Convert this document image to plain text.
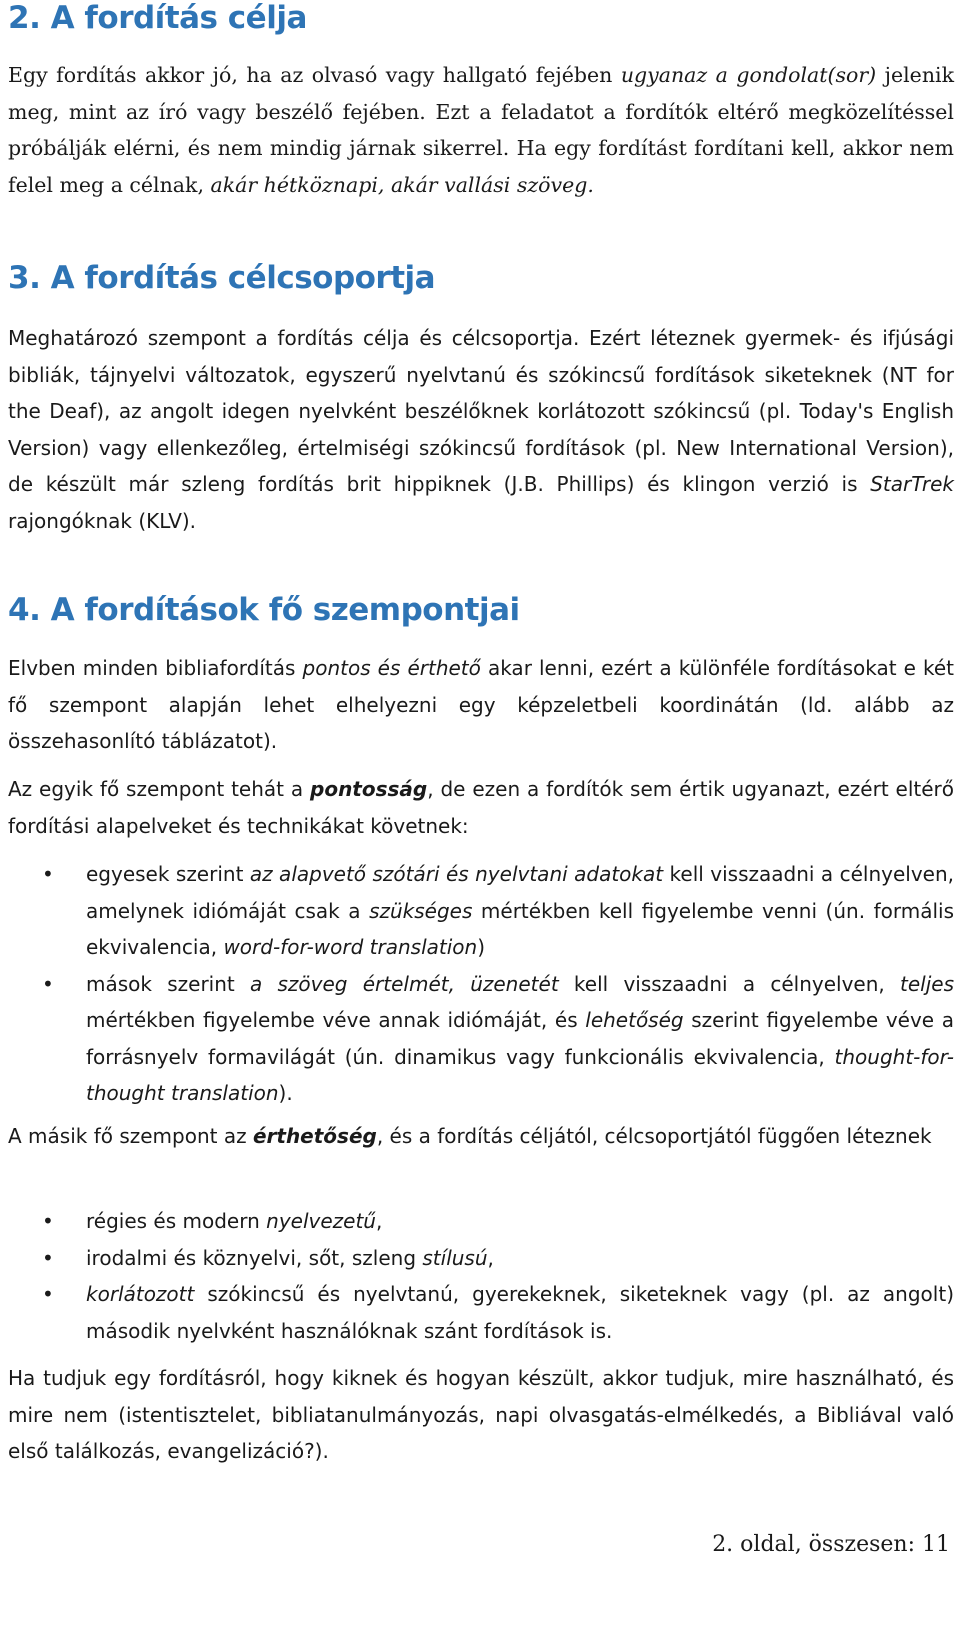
2. A fordítás célja

Egy fordítás akkor jó, ha az olvasó vagy hallgató fejében ugyanaz a gondolat(sor) jelenik meg, mint az író vagy beszélő fejében. Ezt a feladatot a fordítók eltérő megközelítéssel próbálják elérni, és nem mindig járnak sikerrel. Ha egy fordítást fordítani kell, akkor nem felel meg a célnak, akár hétköznapi, akár vallási szöveg.

3. A fordítás célcsoportja

Meghatározó szempont a fordítás célja és célcsoportja. Ezért léteznek gyermek- és ifjúsági bibliák, tájnyelvi változatok, egyszerű nyelvtanú és szókincsű fordítások siketeknek (NT for the Deaf), az angolt idegen nyelvként beszélőknek korlátozott szókincsű (pl. Today's English Version) vagy ellenkezőleg, értelmiségi szókincsű fordítások (pl. New International Version), de készült már szleng fordítás brit hippiknek (J.B. Phillips) és klingon verzió is StarTrek rajongóknak (KLV).

4. A fordítások fő szempontjai

Elvben minden bibliafordítás pontos és érthető akar lenni, ezért a különféle fordításokat e két fő szempont alapján lehet elhelyezni egy képzeletbeli koordinátán (ld. alább az összehasonlító táblázatot).

Az egyik fő szempont tehát a pontosság, de ezen a fordítók sem értik ugyanazt, ezért eltérő fordítási alapelveket és technikákat követnek:

• egyesek szerint az alapvető szótári és nyelvtani adatokat kell visszaadni a célnyelven, amelynek idiómáját csak a szükséges mértékben kell figyelembe venni (ún. formális ekvivalencia, word-for-word translation)
• mások szerint a szöveg értelmét, üzenetét kell visszaadni a célnyelven, teljes mértékben figyelembe véve annak idiómáját, és lehetőség szerint figyelembe véve a forrásnyelv formavilágát (ún. dinamikus vagy funkcionális ekvivalencia, thought-for-thought translation).

A másik fő szempont az érthetőség, és a fordítás céljától, célcsoportjától függően léteznek

• régies és modern nyelvezetű,
• irodalmi és köznyelvi, sőt, szleng stílusú,
• korlátozott szókincsű és nyelvtanú, gyerekeknek, siketeknek vagy (pl. az angolt) második nyelvként használóknak szánt fordítások is.

Ha tudjuk egy fordításról, hogy kiknek és hogyan készült, akkor tudjuk, mire használható, és mire nem (istentisztelet, bibliatanulmányozás, napi olvasgatás-elmélkedés, a Bibliával való első találkozás, evangelizáció?).

2. oldal, összesen: 11
